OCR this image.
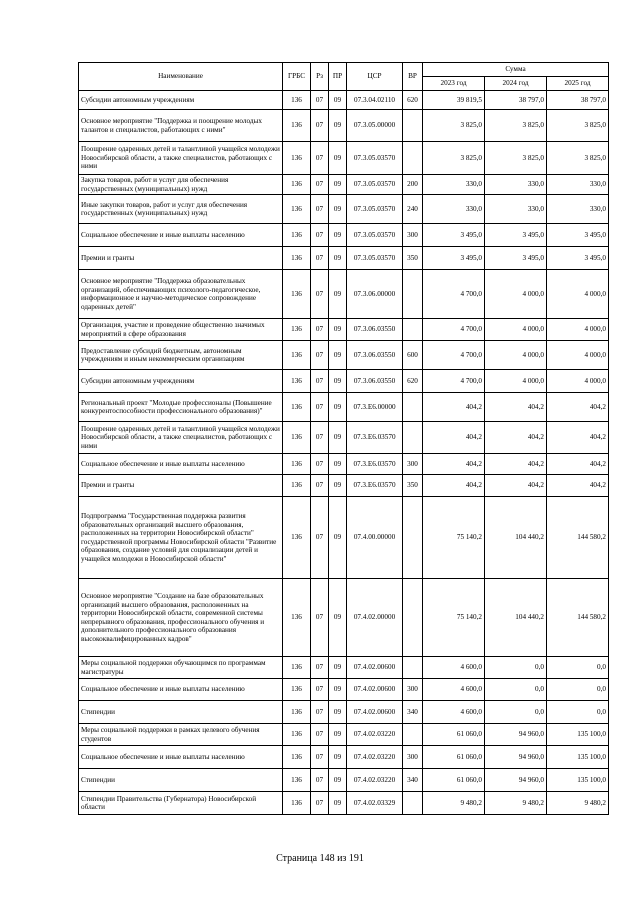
Наименование	ГРБС	Рз	ПР	ЦСР	ВР	Сумма		
						2023 год	2024 год	2025 год
Субсидии автономным учреждениям	136	07	09	07.3.04.02110	620	39 819,5	38 797,0	38 797,0
Основное мероприятие "Поддержка и поощрение молодых талантов и специалистов, работающих с ними"	136	07	09	07.3.05.00000		3 825,0	3 825,0	3 825,0
Поощрение одаренных детей и талантливой учащейся молодежи Новосибирской области, а также специалистов, работающих с ними	136	07	09	07.3.05.03570		3 825,0	3 825,0	3 825,0
Закупка товаров, работ и услуг для обеспечения государственных (муниципальных) нужд	136	07	09	07.3.05.03570	200	330,0	330,0	330,0
Иные закупки товаров, работ и услуг для обеспечения государственных (муниципальных) нужд	136	07	09	07.3.05.03570	240	330,0	330,0	330,0
Социальное обеспечение и иные выплаты населению	136	07	09	07.3.05.03570	300	3 495,0	3 495,0	3 495,0
Премии и гранты	136	07	09	07.3.05.03570	350	3 495,0	3 495,0	3 495,0
Основное мероприятие "Поддержка образовательных организаций, обеспечивающих психолого-педагогическое, информационное и научно-методическое сопровождение одаренных детей"	136	07	09	07.3.06.00000		4 700,0	4 000,0	4 000,0
Организация, участие и проведение общественно значимых мероприятий в сфере образования	136	07	09	07.3.06.03550		4 700,0	4 000,0	4 000,0
Предоставление субсидий бюджетным, автономным учреждениям и иным некоммерческим организациям	136	07	09	07.3.06.03550	600	4 700,0	4 000,0	4 000,0
Субсидии автономным учреждениям	136	07	09	07.3.06.03550	620	4 700,0	4 000,0	4 000,0
Региональный проект "Молодые профессионалы (Повышение конкурентоспособности профессионального образования)"	136	07	09	07.3.Е6.00000		404,2	404,2	404,2
Поощрение одаренных детей и талантливой учащейся молодежи Новосибирской области, а также специалистов, работающих с ними	136	07	09	07.3.Е6.03570		404,2	404,2	404,2
Социальное обеспечение и иные выплаты населению	136	07	09	07.3.Е6.03570	300	404,2	404,2	404,2
Премии и гранты	136	07	09	07.3.Е6.03570	350	404,2	404,2	404,2
Подпрограмма "Государственная поддержка развития образовательных организаций высшего образования, расположенных на территории Новосибирской области" государственной программы Новосибирской области "Развитие образования, создание условий для социализации детей и учащейся молодежи в Новосибирской области"	136	07	09	07.4.00.00000		75 140,2	104 440,2	144 580,2
Основное мероприятие "Создание на базе образовательных организаций высшего образования, расположенных на территории Новосибирской области, современной системы непрерывного образования, профессионального обучения и дополнительного профессионального образования высококвалифицированных кадров"	136	07	09	07.4.02.00000		75 140,2	104 440,2	144 580,2
Меры социальной поддержки обучающимся по программам магистратуры	136	07	09	07.4.02.00600		4 600,0	0,0	0,0
Социальное обеспечение и иные выплаты населению	136	07	09	07.4.02.00600	300	4 600,0	0,0	0,0
Стипендии	136	07	09	07.4.02.00600	340	4 600,0	0,0	0,0
Меры социальной поддержки в рамках целевого обучения студентов	136	07	09	07.4.02.03220		61 060,0	94 960,0	135 100,0
Социальное обеспечение и иные выплаты населению	136	07	09	07.4.02.03220	300	61 060,0	94 960,0	135 100,0
Стипендии	136	07	09	07.4.02.03220	340	61 060,0	94 960,0	135 100,0
Стипендии Правительства (Губернатора) Новосибирской области	136	07	09	07.4.02.03329		9 480,2	9 480,2	9 480,2
Страница 148 из 191
